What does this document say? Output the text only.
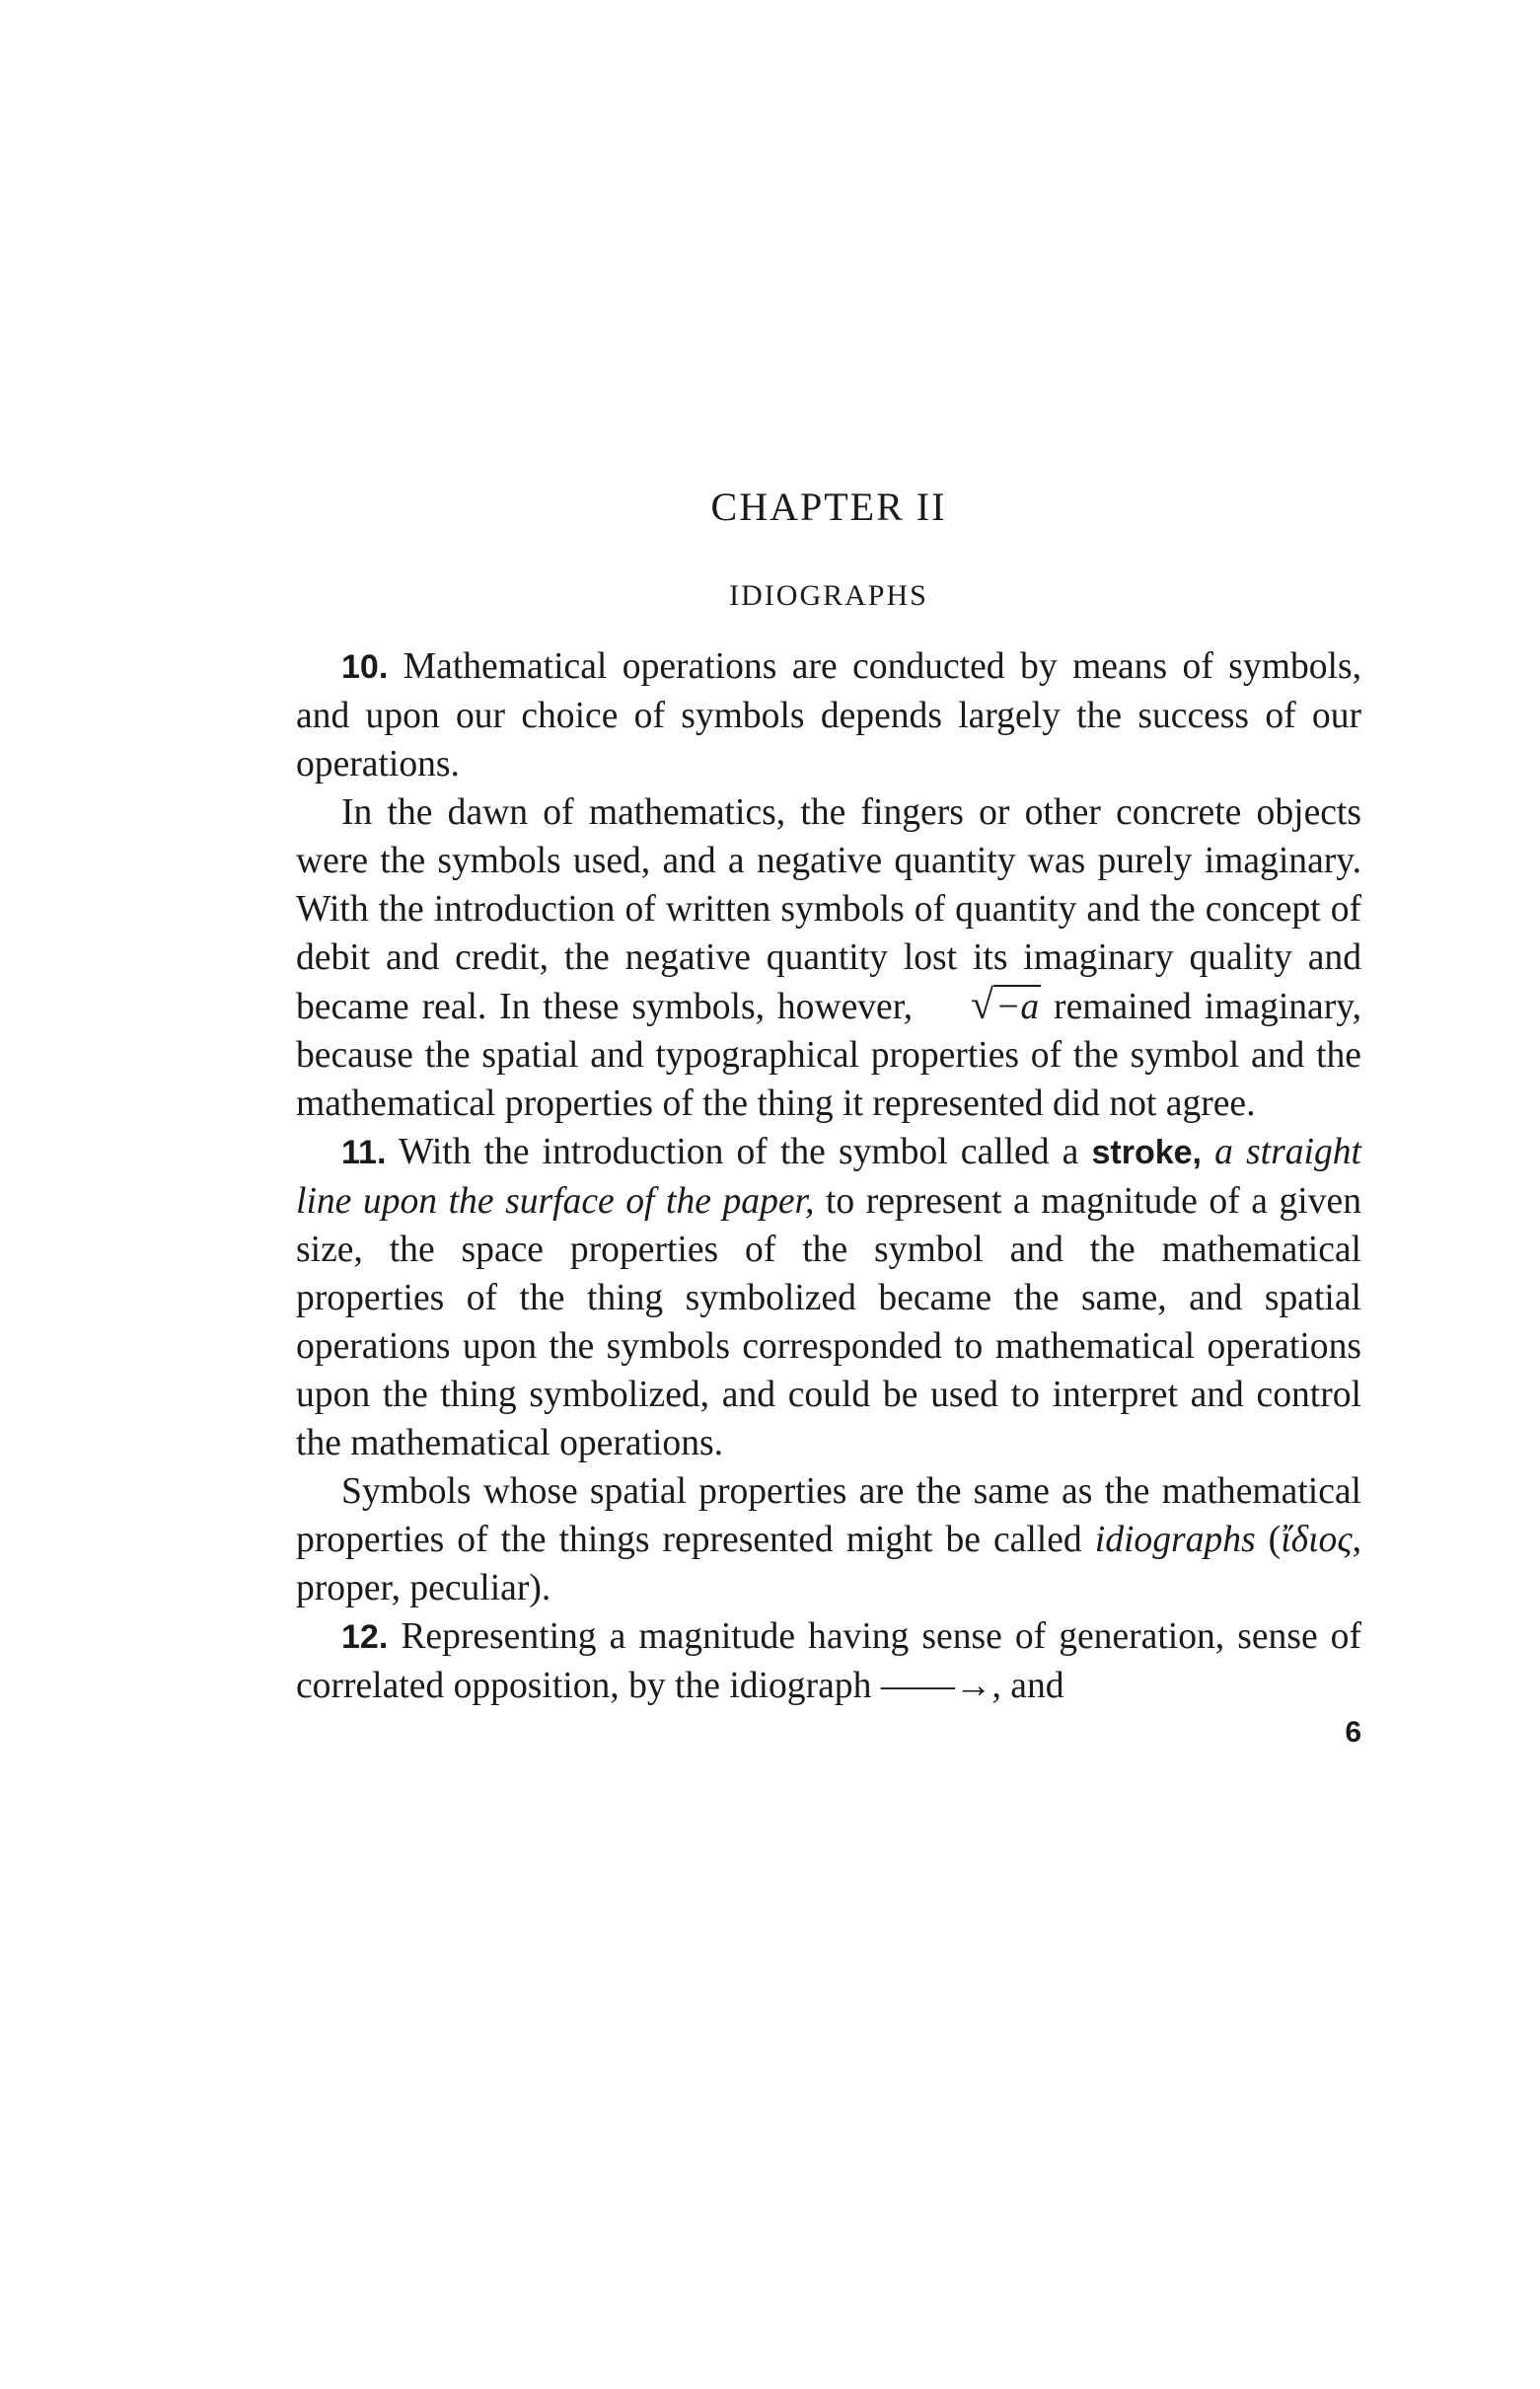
CHAPTER II
IDIOGRAPHS

10. Mathematical operations are conducted by means of symbols, and upon our choice of symbols depends largely the success of our operations.

In the dawn of mathematics, the fingers or other concrete objects were the symbols used, and a negative quantity was purely imaginary. With the introduction of written symbols of quantity and the concept of debit and credit, the negative quantity lost its imaginary quality and became real. In these symbols, however, √−a remained imaginary, because the spatial and typographical properties of the symbol and the mathematical properties of the thing it represented did not agree.

11. With the introduction of the symbol called a stroke, a straight line upon the surface of the paper, to represent a magnitude of a given size, the space properties of the symbol and the mathematical properties of the thing symbolized became the same, and spatial operations upon the symbols corresponded to mathematical operations upon the thing symbolized, and could be used to interpret and control the mathematical operations.

Symbols whose spatial properties are the same as the mathematical properties of the things represented might be called idiographs (ἴδιος, proper, peculiar).

12. Representing a magnitude having sense of generation, sense of correlated opposition, by the idiograph ——→, and

6
